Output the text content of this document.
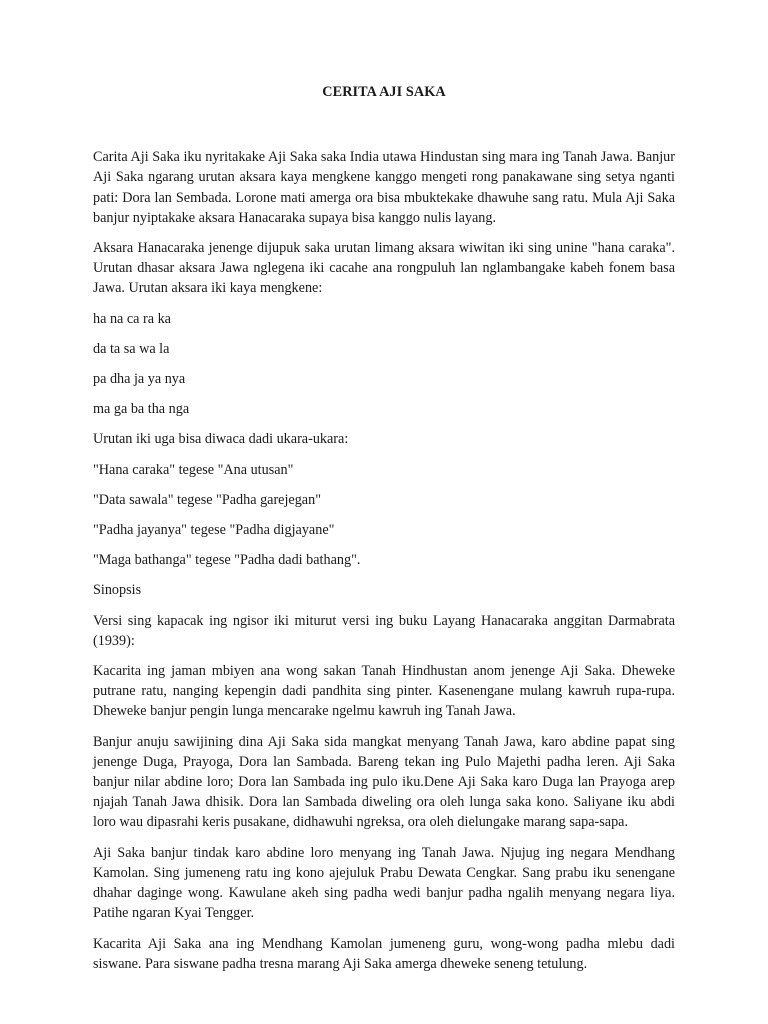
CERITA AJI SAKA

Carita Aji Saka iku nyritakake Aji Saka saka India utawa Hindustan sing mara ing Tanah Jawa. Banjur Aji Saka ngarang urutan aksara kaya mengkene kanggo mengeti rong panakawane sing setya nganti pati: Dora lan Sembada. Lorone mati amerga ora bisa mbuktekake dhawuhe sang ratu. Mula Aji Saka banjur nyiptakake aksara Hanacaraka supaya bisa kanggo nulis layang.

Aksara Hanacaraka jenenge dijupuk saka urutan limang aksara wiwitan iki sing unine "hana caraka". Urutan dhasar aksara Jawa nglegena iki cacahe ana rongpuluh lan nglambangake kabeh fonem basa Jawa. Urutan aksara iki kaya mengkene:

ha na ca ra ka

da ta sa wa la

pa dha ja ya nya

ma ga ba tha nga

Urutan iki uga bisa diwaca dadi ukara-ukara:

"Hana caraka" tegese "Ana utusan"

"Data sawala" tegese "Padha garejegan"

"Padha jayanya" tegese "Padha digjayane"

"Maga bathanga" tegese "Padha dadi bathang".

Sinopsis

Versi sing kapacak ing ngisor iki miturut versi ing buku Layang Hanacaraka anggitan Darmabrata (1939):

Kacarita ing jaman mbiyen ana wong sakan Tanah Hindhustan anom jenenge Aji Saka. Dheweke putrane ratu, nanging kepengin dadi pandhita sing pinter. Kasenengane mulang kawruh rupa-rupa. Dheweke banjur pengin lunga mencarake ngelmu kawruh ing Tanah Jawa.

Banjur anuju sawijining dina Aji Saka sida mangkat menyang Tanah Jawa, karo abdine papat sing jenenge Duga, Prayoga, Dora lan Sambada. Bareng tekan ing Pulo Majethi padha leren. Aji Saka banjur nilar abdine loro; Dora lan Sambada ing pulo iku.Dene Aji Saka karo Duga lan Prayoga arep njajah Tanah Jawa dhisik. Dora lan Sambada diweling ora oleh lunga saka kono. Saliyane iku abdi loro wau dipasrahi keris pusakane, didhawuhi ngreksa, ora oleh dielungake marang sapa-sapa.

Aji Saka banjur tindak karo abdine loro menyang ing Tanah Jawa. Njujug ing negara Mendhang Kamolan. Sing jumeneng ratu ing kono ajejuluk Prabu Dewata Cengkar. Sang prabu iku senengane dhahar daginge wong. Kawulane akeh sing padha wedi banjur padha ngalih menyang negara liya. Patihe ngaran Kyai Tengger.

Kacarita Aji Saka ana ing Mendhang Kamolan jumeneng guru, wong-wong padha mlebu dadi siswane. Para siswane padha tresna marang Aji Saka amerga dheweke seneng tetulung.
